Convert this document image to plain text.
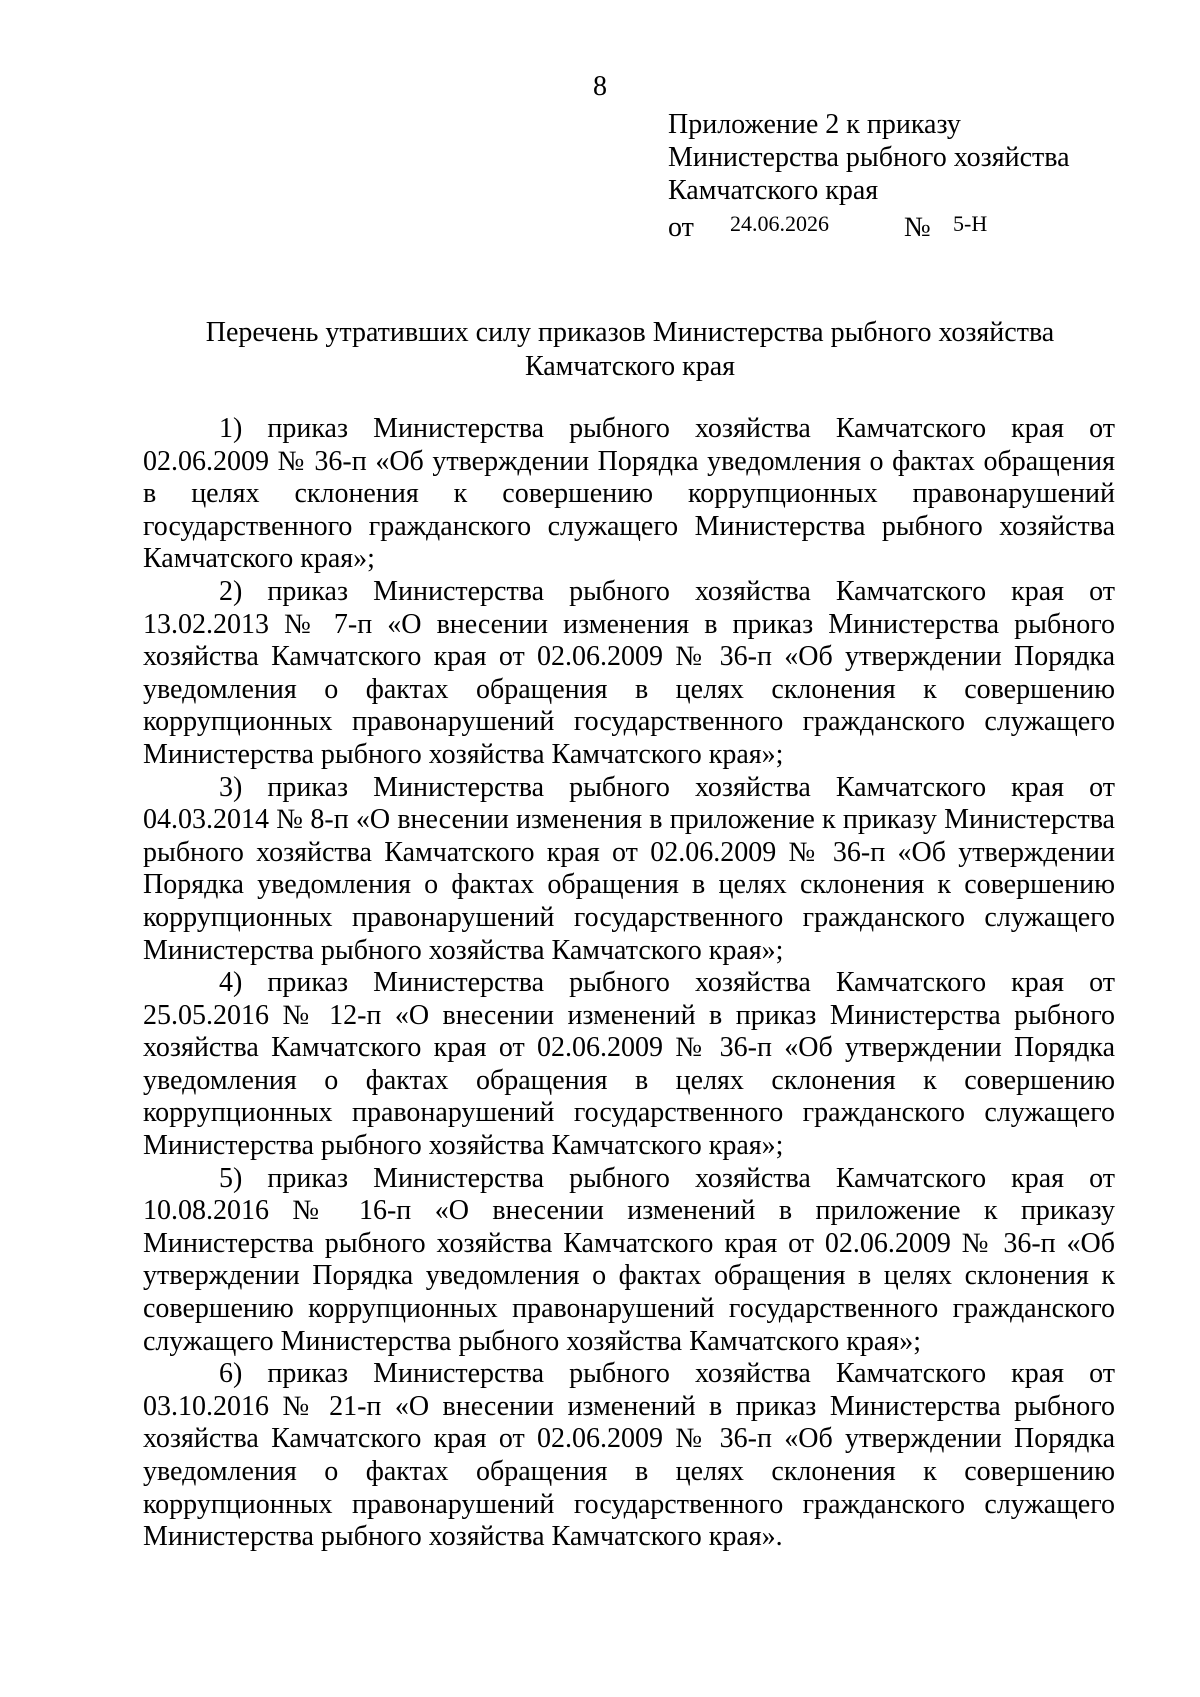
8
Приложение 2 к приказу
Министерства рыбного хозяйства
Камчатского края
от 24.06.2026	№ 5-Н
Перечень утративших силу приказов Министерства рыбного хозяйства
Камчатского края

1) приказ Министерства рыбного хозяйства Камчатского края от 02.06.2009 № 36-п «Об утверждении Порядка уведомления о фактах обращения в целях склонения к совершению коррупционных правонарушений государственного гражданского служащего Министерства рыбного хозяйства Камчатского края»;

2) приказ Министерства рыбного хозяйства Камчатского края от 13.02.2013 № 7-п «О внесении изменения в приказ Министерства рыбного хозяйства Камчатского края от 02.06.2009 № 36-п «Об утверждении Порядка уведомления о фактах обращения в целях склонения к совершению коррупционных правонарушений государственного гражданского служащего Министерства рыбного хозяйства Камчатского края»;

3) приказ Министерства рыбного хозяйства Камчатского края от 04.03.2014 № 8-п «О внесении изменения в приложение к приказу Министерства рыбного хозяйства Камчатского края от 02.06.2009 № 36-п «Об утверждении Порядка уведомления о фактах обращения в целях склонения к совершению коррупционных правонарушений государственного гражданского служащего Министерства рыбного хозяйства Камчатского края»;

4) приказ Министерства рыбного хозяйства Камчатского края от 25.05.2016 № 12-п «О внесении изменений в приказ Министерства рыбного хозяйства Камчатского края от 02.06.2009 № 36-п «Об утверждении Порядка уведомления о фактах обращения в целях склонения к совершению коррупционных правонарушений государственного гражданского служащего Министерства рыбного хозяйства Камчатского края»;

5) приказ Министерства рыбного хозяйства Камчатского края от 10.08.2016 № 16-п «О внесении изменений в приложение к приказу Министерства рыбного хозяйства Камчатского края от 02.06.2009 № 36-п «Об утверждении Порядка уведомления о фактах обращения в целях склонения к совершению коррупционных правонарушений государственного гражданского служащего Министерства рыбного хозяйства Камчатского края»;

6) приказ Министерства рыбного хозяйства Камчатского края от 03.10.2016 № 21-п «О внесении изменений в приказ Министерства рыбного хозяйства Камчатского края от 02.06.2009 № 36-п «Об утверждении Порядка уведомления о фактах обращения в целях склонения к совершению коррупционных правонарушений государственного гражданского служащего Министерства рыбного хозяйства Камчатского края».
